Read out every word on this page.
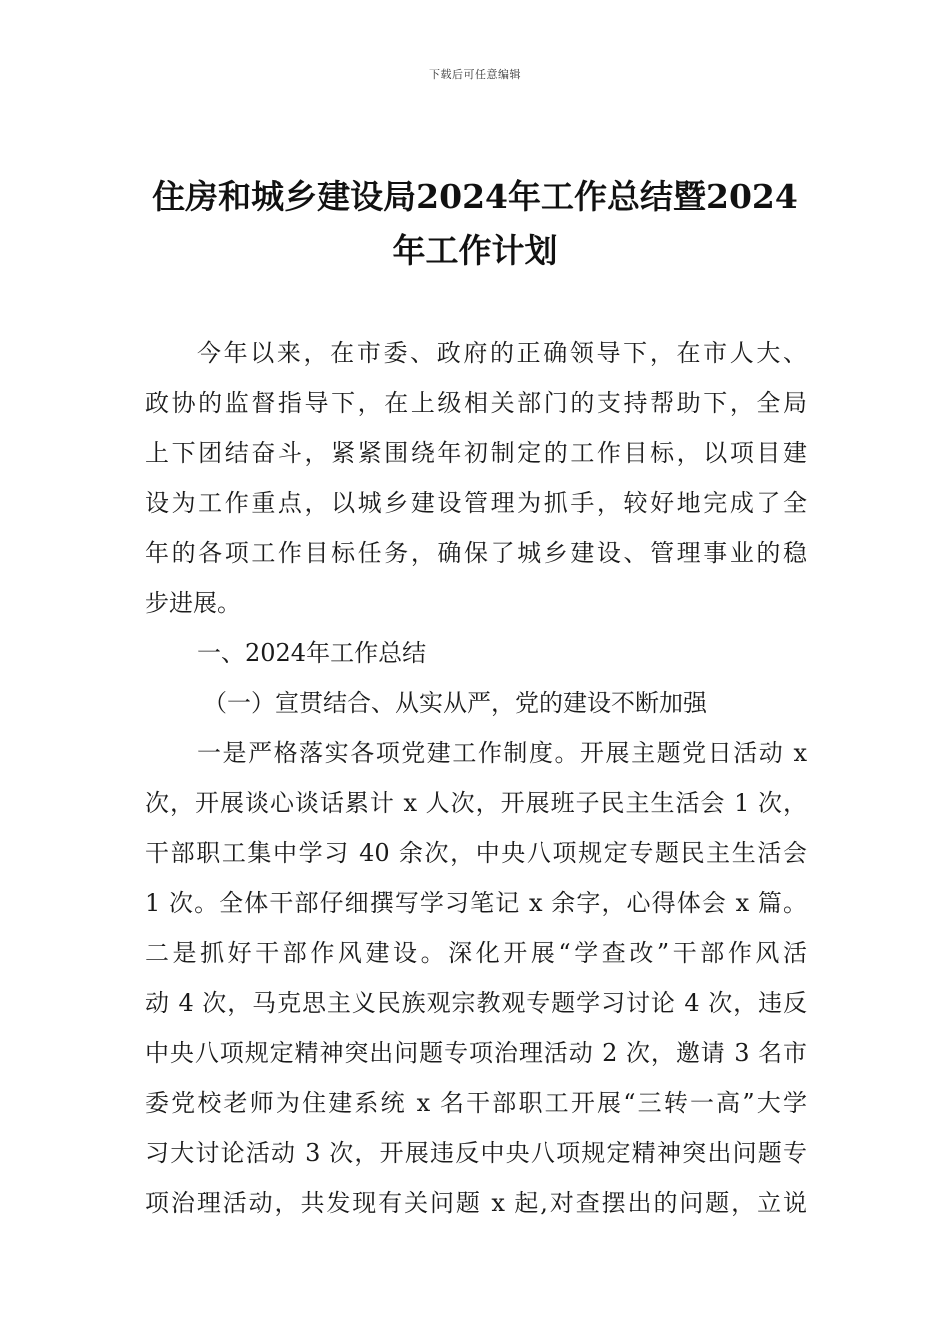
下载后可任意编辑
住房和城乡建设局2024年工作总结暨2024
年工作计划
今年以来，在市委、政府的正确领导下，在市人大、
政协的监督指导下，在上级相关部门的支持帮助下，全局
上下团结奋斗，紧紧围绕年初制定的工作目标，以项目建
设为工作重点，以城乡建设管理为抓手，较好地完成了全
年的各项工作目标任务，确保了城乡建设、管理事业的稳
步进展。
一、2024年工作总结
（一）宣贯结合、从实从严，党的建设不断加强
一是严格落实各项党建工作制度。开展主题党日活动 x
次，开展谈心谈话累计 x 人次，开展班子民主生活会 1 次，
干部职工集中学习 40 余次，中央八项规定专题民主生活会
1 次。全体干部仔细撰写学习笔记 x 余字，心得体会 x 篇。
二是抓好干部作风建设。深化开展“学查改”干部作风活
动 4 次，马克思主义民族观宗教观专题学习讨论 4 次，违反
中央八项规定精神突出问题专项治理活动 2 次，邀请 3 名市
委党校老师为住建系统 x 名干部职工开展“三转一高”大学
习大讨论活动 3 次，开展违反中央八项规定精神突出问题专
项治理活动，共发现有关问题 x 起,对查摆出的问题，立说
